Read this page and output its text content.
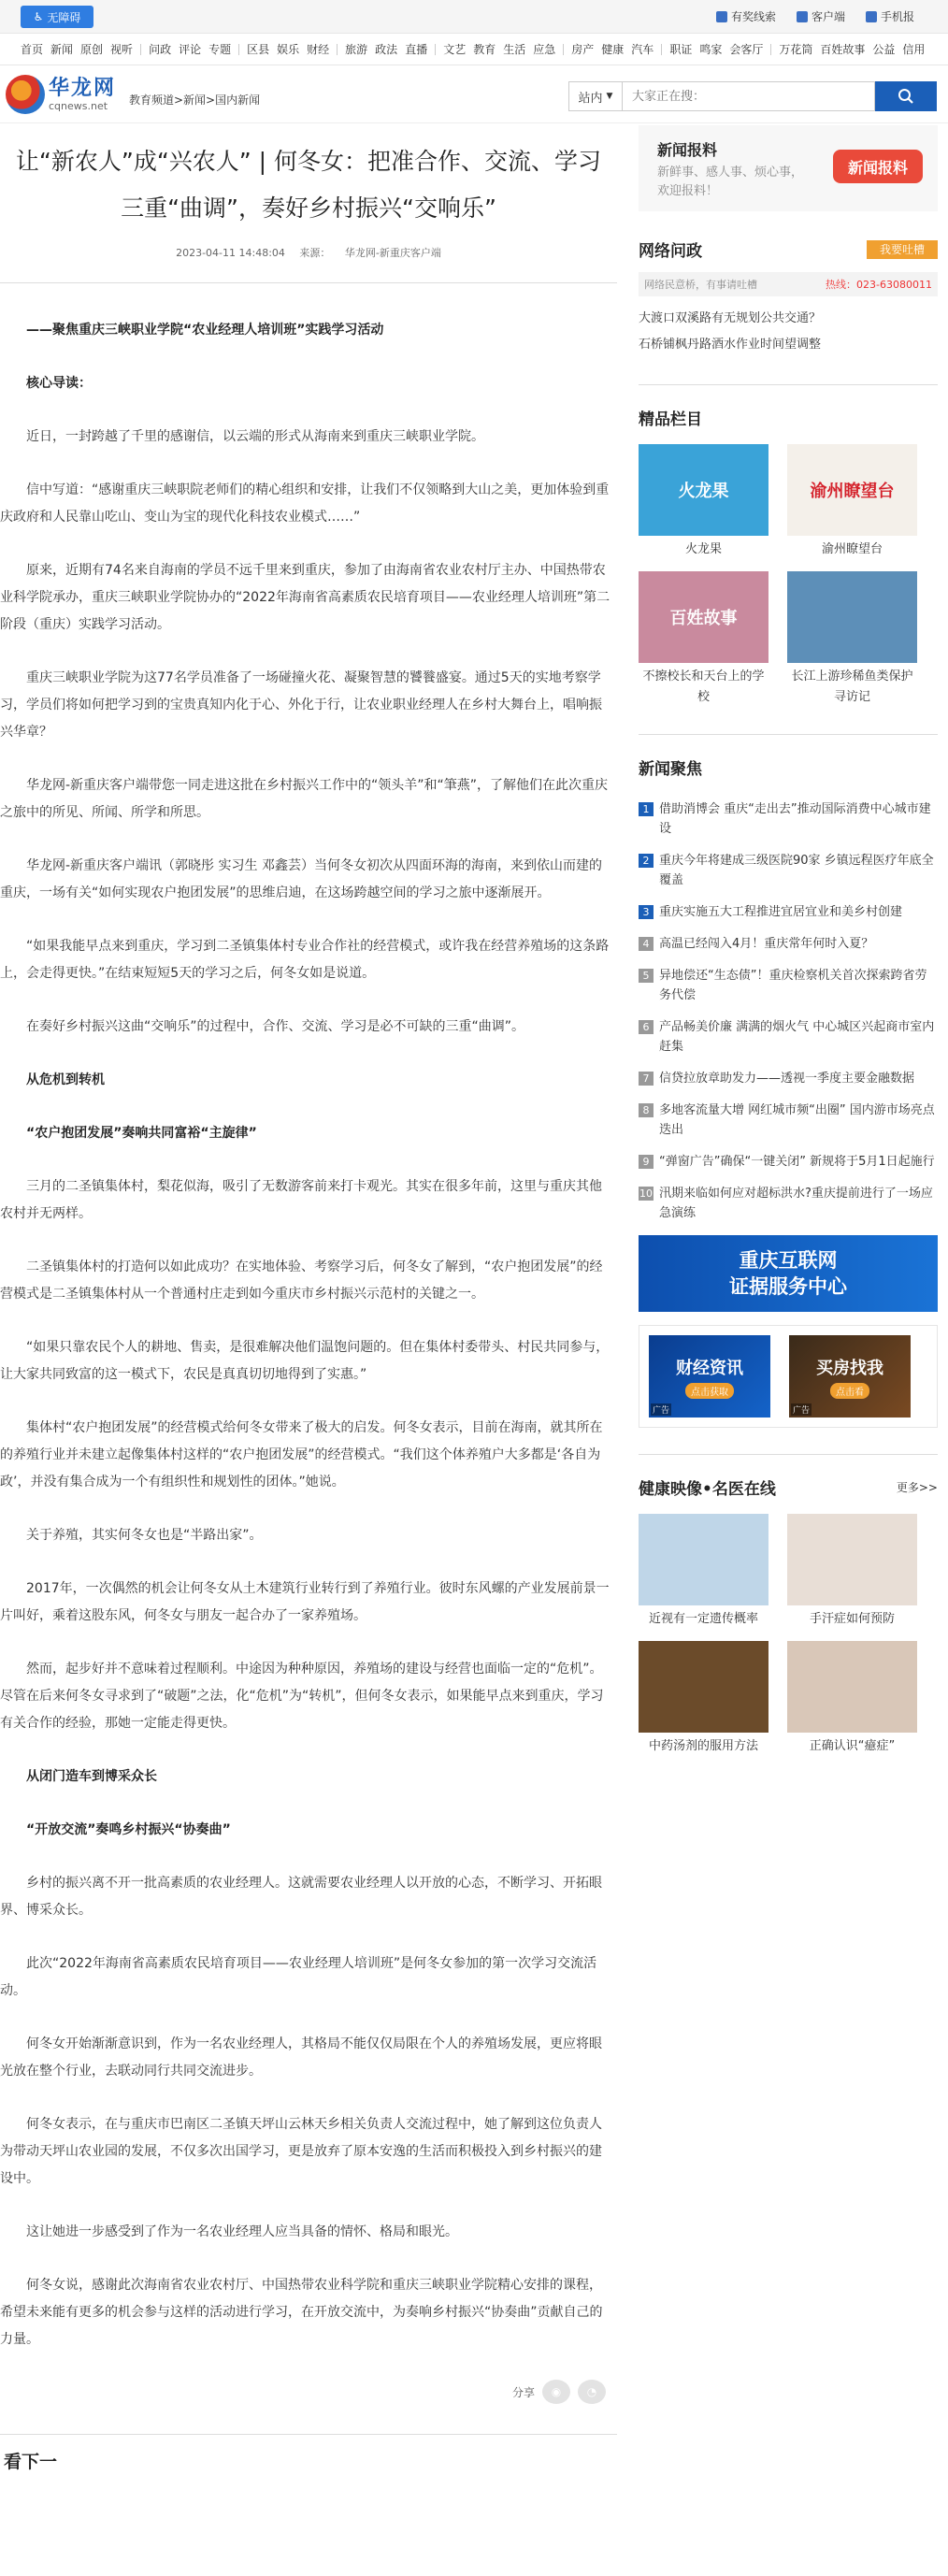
♿ 无障碍	有奖线索	客户端	手机报
首页 新闻 原创 视听 问政 评论 专题 区县 娱乐 财经 旅游 政法 直播 文艺 教育 生活 应急 房产 健康 汽车 职证 鸣家 会客厅 万花筒 百姓故事 公益 信用
华龙网
cqnews.net	教育频道>新闻>国内新闻	站内 ▼
大家正在搜：
让“新农人”成“兴农人” | 何冬女：把准合作、交流、学习三重“曲调”，奏好乡村振兴“交响乐”
2023-04-11 14:48:04 来源： 华龙网-新重庆客户端

——聚焦重庆三峡职业学院“农业经理人培训班”实践学习活动

核心导读：

近日，一封跨越了千里的感谢信，以云端的形式从海南来到重庆三峡职业学院。

信中写道：“感谢重庆三峡职院老师们的精心组织和安排，让我们不仅领略到大山之美，更加体验到重庆政府和人民靠山吃山、变山为宝的现代化科技农业模式……”

原来，近期有74名来自海南的学员不远千里来到重庆，参加了由海南省农业农村厅主办、中国热带农业科学院承办，重庆三峡职业学院协办的“2022年海南省高素质农民培育项目——农业经理人培训班”第二阶段（重庆）实践学习活动。

重庆三峡职业学院为这77名学员准备了一场碰撞火花、凝聚智慧的饕餮盛宴。通过5天的实地考察学习，学员们将如何把学习到的宝贵真知内化于心、外化于行，让农业职业经理人在乡村大舞台上，唱响振兴华章？

华龙网-新重庆客户端带您一同走进这批在乡村振兴工作中的“领头羊”和“筆燕”，了解他们在此次重庆之旅中的所见、所闻、所学和所思。

华龙网-新重庆客户端讯（郭晓彤 实习生 邓鑫芸）当何冬女初次从四面环海的海南，来到依山而建的重庆，一场有关“如何实现农户抱团发展”的思维启迪，在这场跨越空间的学习之旅中逐渐展开。

“如果我能早点来到重庆，学习到二圣镇集体村专业合作社的经营模式，或许我在经营养殖场的这条路上，会走得更快。”在结束短短5天的学习之后，何冬女如是说道。

在奏好乡村振兴这曲“交响乐”的过程中，合作、交流、学习是必不可缺的三重“曲调”。

从危机到转机

“农户抱团发展”奏响共同富裕“主旋律”

三月的二圣镇集体村，梨花似海，吸引了无数游客前来打卡观光。其实在很多年前，这里与重庆其他农村并无两样。

二圣镇集体村的打造何以如此成功？在实地体验、考察学习后，何冬女了解到，“农户抱团发展”的经营模式是二圣镇集体村从一个普通村庄走到如今重庆市乡村振兴示范村的关键之一。

“如果只靠农民个人的耕地、售卖，是很难解决他们温饱问题的。但在集体村委带头、村民共同参与，让大家共同致富的这一模式下，农民是真真切切地得到了实惠。”

集体村“农户抱团发展”的经营模式给何冬女带来了极大的启发。何冬女表示，目前在海南，就其所在的养殖行业并未建立起像集体村这样的“农户抱团发展”的经营模式。“我们这个体养殖户大多都是‘各自为政’，并没有集合成为一个有组织性和规划性的团体。”她说。

关于养殖，其实何冬女也是“半路出家”。

2017年，一次偶然的机会让何冬女从土木建筑行业转行到了养殖行业。彼时东风螺的产业发展前景一片叫好，乘着这股东风，何冬女与朋友一起合办了一家养殖场。

然而，起步好并不意味着过程顺利。中途因为种种原因，养殖场的建设与经营也面临一定的“危机”。尽管在后来何冬女寻求到了“破题”之法，化“危机”为“转机”，但何冬女表示，如果能早点来到重庆，学习有关合作的经验，那她一定能走得更快。

从闭门造车到博采众长

“开放交流”奏鸣乡村振兴“协奏曲”

乡村的振兴离不开一批高素质的农业经理人。这就需要农业经理人以开放的心态，不断学习、开拓眼界、博采众长。

此次“2022年海南省高素质农民培育项目——农业经理人培训班”是何冬女参加的第一次学习交流活动。

何冬女开始渐渐意识到，作为一名农业经理人，其格局不能仅仅局限在个人的养殖场发展，更应将眼光放在整个行业，去联动同行共同交流进步。

何冬女表示，在与重庆市巴南区二圣镇天坪山云林天乡相关负责人交流过程中，她了解到这位负责人为带动天坪山农业园的发展，不仅多次出国学习，更是放弃了原本安逸的生活而积极投入到乡村振兴的建设中。

这让她进一步感受到了作为一名农业经理人应当具备的情怀、格局和眼光。

何冬女说，感谢此次海南省农业农村厅、中国热带农业科学院和重庆三峡职业学院精心安排的课程，希望未来能有更多的机会参与这样的活动进行学习，在开放交流中，为奏响乡村振兴“协奏曲”贡献自己的力量。

分享	◉	◔
看下一
新闻报料
新鲜事、感人事、烦心事，欢迎报料！
新闻报料
网络问政	我要吐槽
网络民意桥，有事请吐槽	热线：023-63080011
大渡口双溪路有无规划公共交通？
石桥铺枫丹路酒水作业时间望调整
精品栏目
火龙果
火龙果
渝州瞭望台
渝州瞭望台
百姓故事
不擦校长和天台上的学校
长江上游珍稀鱼类保护寻访记
新闻聚焦
1 借助消博会 重庆“走出去”推动国际消费中心城市建设
2 重庆今年将建成三级医院90家 乡镇远程医疗年底全覆盖
3 重庆实施五大工程推进宜居宜业和美乡村创建
4 高温已经闯入4月！重庆常年何时入夏？
5 异地偿还“生态债”！重庆检察机关首次探索跨省劳务代偿
6 产品畅美价廉 满满的烟火气 中心城区兴起商市室内赶集
7 信贷拉放章助发力——透视一季度主要金融数据
8 多地客流量大增 网红城市频“出圈” 国内游市场亮点迭出
9 “弹窗广告”确保“一键关闭” 新规将于5月1日起施行
10 汛期来临如何应对超标洪水?重庆提前进行了一场应急演练
重庆互联网
证据服务中心
财经资讯
点击获取
广告
买房找我
点击看
广告
健康映像•名医在线	更多>>
近视有一定遗传概率	手汗症如何预防
中药汤剂的服用方法	正确认识“癔症”
